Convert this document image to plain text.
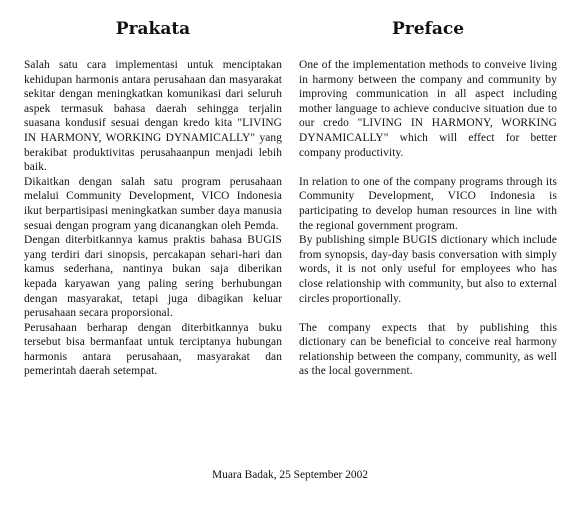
Prakata

Salah satu cara implementasi untuk menciptakan kehidupan harmonis antara perusahaan dan masyarakat sekitar dengan meningkatkan komunikasi dari seluruh aspek termasuk bahasa daerah sehingga terjalin suasana kondusif sesuai dengan kredo kita "LIVING IN HARMONY, WORKING DYNAMICALLY" yang berakibat produktivitas perusahaanpun menjadi lebih baik.

Dikaitkan dengan salah satu program perusahaan melalui Community Development, VICO Indonesia ikut berpartisipasi meningkatkan sumber daya manusia sesuai dengan program yang dicanangkan oleh Pemda.

Dengan diterbitkannya kamus praktis bahasa BUGIS yang terdiri dari sinopsis, percakapan sehari-hari dan kamus sederhana, nantinya bukan saja diberikan kepada karyawan yang paling sering berhubungan dengan masyarakat, tetapi juga dibagikan keluar perusahaan secara proporsional.

Perusahaan berharap dengan diterbitkannya buku tersebut bisa bermanfaat untuk terciptanya hubungan harmonis antara perusahaan, masyarakat dan pemerintah daerah setempat.

Preface

One of the implementation methods to conveive living in harmony between the company and community by improving communication in all aspect including mother language to achieve conducive situation due to our credo "LIVING IN HARMONY, WORKING DYNAMICALLY" which will effect for better company productivity.

In relation to one of the company programs through its Community Development, VICO Indonesia is participating to develop human resources in line with the regional government program.

By publishing simple BUGIS dictionary which include from synopsis, day-day basis conversation with simply words, it is not only useful for employees who has close relationship with community, but also to external circles proportionally.

The company expects that by publishing this dictionary can be beneficial to conceive real harmony relationship between the company, community, as well as the local government.

Muara Badak, 25 September 2002
